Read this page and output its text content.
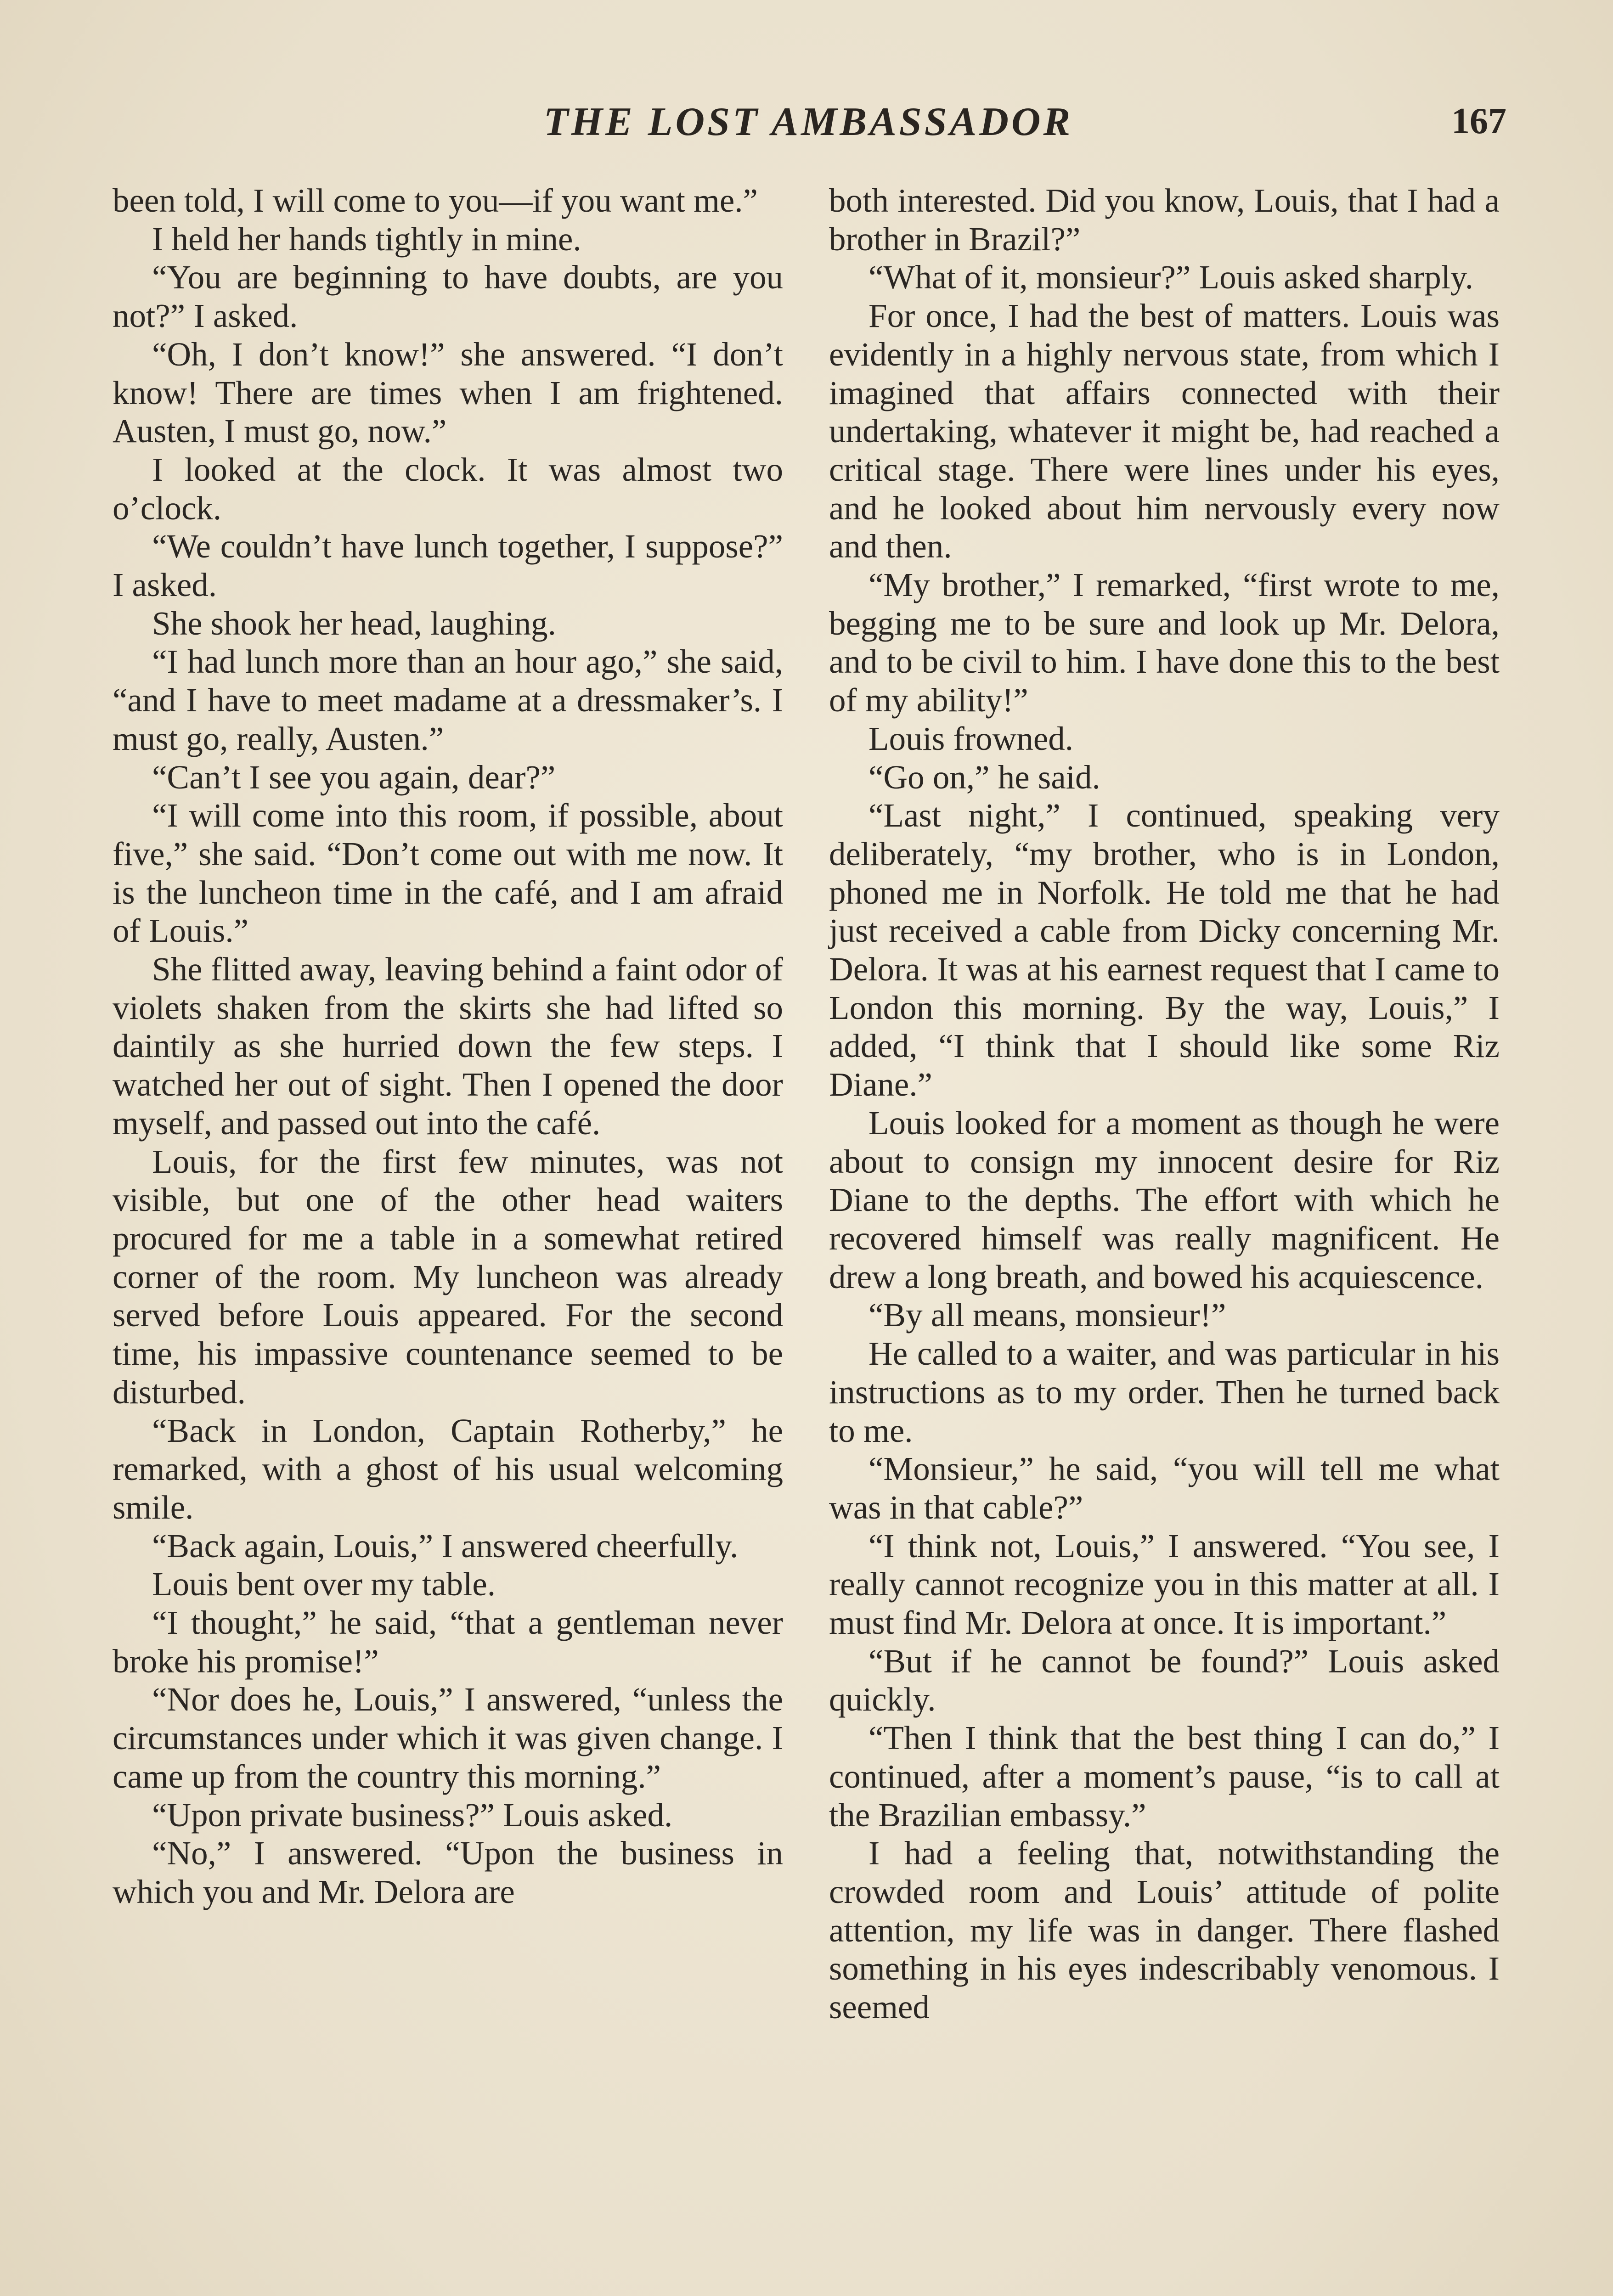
THE LOST AMBASSADOR	167

been told, I will come to you—if you want me.”

I held her hands tightly in mine.

“You are beginning to have doubts, are you not?” I asked.

“Oh, I don’t know!” she answered. “I don’t know! There are times when I am frightened. Austen, I must go, now.”

I looked at the clock. It was almost two o’clock.

“We couldn’t have lunch together, I suppose?” I asked.

She shook her head, laughing.

“I had lunch more than an hour ago,” she said, “and I have to meet madame at a dressmaker’s. I must go, really, Austen.”

“Can’t I see you again, dear?”

“I will come into this room, if possible, about five,” she said. “Don’t come out with me now. It is the luncheon time in the café, and I am afraid of Louis.”

She flitted away, leaving behind a faint odor of violets shaken from the skirts she had lifted so daintily as she hurried down the few steps. I watched her out of sight. Then I opened the door myself, and passed out into the café.

Louis, for the first few minutes, was not visible, but one of the other head waiters procured for me a table in a somewhat retired corner of the room. My luncheon was already served before Louis appeared. For the second time, his impassive countenance seemed to be disturbed.

“Back in London, Captain Rotherby,” he remarked, with a ghost of his usual welcoming smile.

“Back again, Louis,” I answered cheerfully.

Louis bent over my table.

“I thought,” he said, “that a gentleman never broke his promise!”

“Nor does he, Louis,” I answered, “unless the circumstances under which it was given change. I came up from the country this morning.”

“Upon private business?” Louis asked.

“No,” I answered. “Upon the business in which you and Mr. Delora are

both interested. Did you know, Louis, that I had a brother in Brazil?”

“What of it, monsieur?” Louis asked sharply.

For once, I had the best of matters. Louis was evidently in a highly nervous state, from which I imagined that affairs connected with their undertaking, whatever it might be, had reached a critical stage. There were lines under his eyes, and he looked about him nervously every now and then.

“My brother,” I remarked, “first wrote to me, begging me to be sure and look up Mr. Delora, and to be civil to him. I have done this to the best of my ability!”

Louis frowned.

“Go on,” he said.

“Last night,” I continued, speaking very deliberately, “my brother, who is in London, phoned me in Norfolk. He told me that he had just received a cable from Dicky concerning Mr. Delora. It was at his earnest request that I came to London this morning. By the way, Louis,” I added, “I think that I should like some Riz Diane.”

Louis looked for a moment as though he were about to consign my innocent desire for Riz Diane to the depths. The effort with which he recovered himself was really magnificent. He drew a long breath, and bowed his acquiescence.

“By all means, monsieur!”

He called to a waiter, and was particular in his instructions as to my order. Then he turned back to me.

“Monsieur,” he said, “you will tell me what was in that cable?”

“I think not, Louis,” I answered. “You see, I really cannot recognize you in this matter at all. I must find Mr. Delora at once. It is important.”

“But if he cannot be found?” Louis asked quickly.

“Then I think that the best thing I can do,” I continued, after a moment’s pause, “is to call at the Brazilian embassy.”

I had a feeling that, notwithstanding the crowded room and Louis’ attitude of polite attention, my life was in danger. There flashed something in his eyes indescribably venomous. I seemed
